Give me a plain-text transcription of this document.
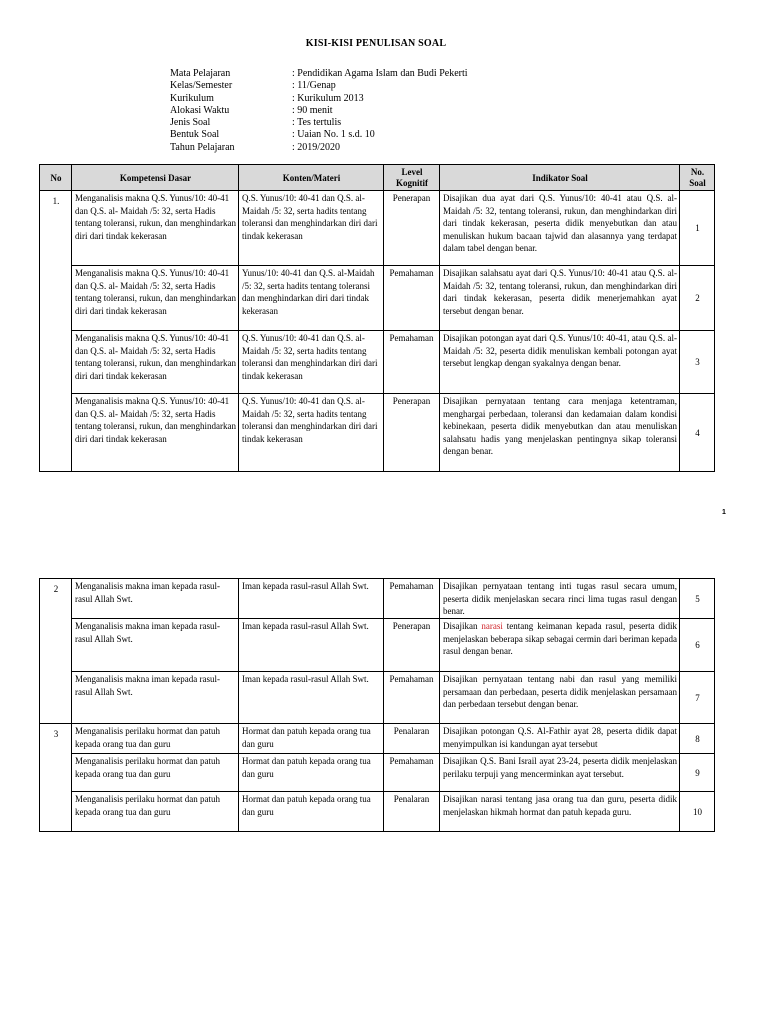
KISI-KISI PENULISAN SOAL
Mata Pelajaran	: Pendidikan Agama Islam dan Budi Pekerti
Kelas/Semester	: 11/Genap
Kurikulum	: Kurikulum 2013
Alokasi Waktu	: 90 menit
Jenis Soal	: Tes tertulis
Bentuk Soal	: Uaian No. 1 s.d. 10
Tahun Pelajaran	: 2019/2020
No	Kompetensi Dasar	Konten/Materi	Level Kognitif	Indikator Soal	No. Soal
1.	Menganalisis makna Q.S. Yunus/10: 40-41 dan Q.S. al- Maidah /5: 32, serta Hadis tentang toleransi, rukun, dan menghindarkan diri dari tindak kekerasan	Q.S. Yunus/10: 40-41 dan Q.S. al-Maidah /5: 32, serta hadits tentang toleransi dan menghindarkan diri dari tindak kekerasan	Penerapan	Disajikan dua ayat dari Q.S. Yunus/10: 40-41 atau Q.S. al- Maidah /5: 32, tentang toleransi, rukun, dan menghindarkan diri dari tindak kekerasan, peserta didik menyebutkan dan atau menuliskan hukum bacaan tajwid dan alasannya yang terdapat dalam tabel dengan benar.	1
	Menganalisis makna Q.S. Yunus/10: 40-41 dan Q.S. al- Maidah /5: 32, serta Hadis tentang toleransi, rukun, dan menghindarkan diri dari tindak kekerasan	Yunus/10: 40-41 dan Q.S. al-Maidah /5: 32, serta hadits tentang toleransi dan menghindarkan diri dari tindak kekerasan	Pemahaman	Disajikan salahsatu ayat dari Q.S. Yunus/10: 40-41 atau Q.S. al- Maidah /5: 32, tentang toleransi, rukun, dan menghindarkan diri dari tindak kekerasan, peserta didik menerjemahkan ayat tersebut dengan benar.	2
	Menganalisis makna Q.S. Yunus/10: 40-41 dan Q.S. al- Maidah /5: 32, serta Hadis tentang toleransi, rukun, dan menghindarkan diri dari tindak kekerasan	Q.S. Yunus/10: 40-41 dan Q.S. al-Maidah /5: 32, serta hadits tentang toleransi dan menghindarkan diri dari tindak kekerasan	Pemahaman	Disajikan potongan ayat dari Q.S. Yunus/10: 40-41, atau Q.S. al-Maidah /5: 32, peserta didik menuliskan kembali potongan ayat tersebut lengkap dengan syakalnya dengan benar.	3
	Menganalisis makna Q.S. Yunus/10: 40-41 dan Q.S. al- Maidah /5: 32, serta Hadis tentang toleransi, rukun, dan menghindarkan diri dari tindak kekerasan	Q.S. Yunus/10: 40-41 dan Q.S. al-Maidah /5: 32, serta hadits tentang toleransi dan menghindarkan diri dari tindak kekerasan	Penerapan	Disajikan pernyataan tentang cara menjaga ketentraman, menghargai perbedaan, toleransi dan kedamaian dalam kondisi kebinekaan, peserta didik menyebutkan dan atau menuliskan salahsatu hadis yang menjelaskan pentingnya sikap toleransi dengan benar.	4
1
2	Menganalisis makna iman kepada rasul-rasul Allah Swt.	Iman kepada rasul-rasul Allah Swt.	Pemahaman	Disajikan pernyataan tentang inti tugas rasul secara umum, peserta didik menjelaskan secara rinci lima tugas rasul dengan benar.	5
	Menganalisis makna iman kepada rasul-rasul Allah Swt.	Iman kepada rasul-rasul Allah Swt.	Penerapan	Disajikan narasi tentang keimanan kepada rasul, peserta didik menjelaskan beberapa sikap sebagai cermin dari beriman kepada rasul dengan benar.	6
	Menganalisis makna iman kepada rasul-rasul Allah Swt.	Iman kepada rasul-rasul Allah Swt.	Pemahaman	Disajikan pernyataan tentang nabi dan rasul yang memiliki persamaan dan perbedaan, peserta didik menjelaskan persamaan dan perbedaan tersebut dengan benar.	7
3	Menganalisis perilaku hormat dan patuh kepada orang tua dan guru	Hormat dan patuh kepada orang tua dan guru	Penalaran	Disajikan potongan Q.S. Al-Fathir ayat 28, peserta didik dapat menyimpulkan isi kandungan ayat tersebut	8
	Menganalisis perilaku hormat dan patuh kepada orang tua dan guru	Hormat dan patuh kepada orang tua dan guru	Pemahaman	Disajikan Q.S. Bani Israil ayat 23-24, peserta didik menjelaskan perilaku terpuji yang mencerminkan ayat tersebut.	9
	Menganalisis perilaku hormat dan patuh kepada orang tua dan guru	Hormat dan patuh kepada orang tua dan guru	Penalaran	Disajikan narasi tentang jasa orang tua dan guru, peserta didik menjelaskan hikmah hormat dan patuh kepada guru.	10
